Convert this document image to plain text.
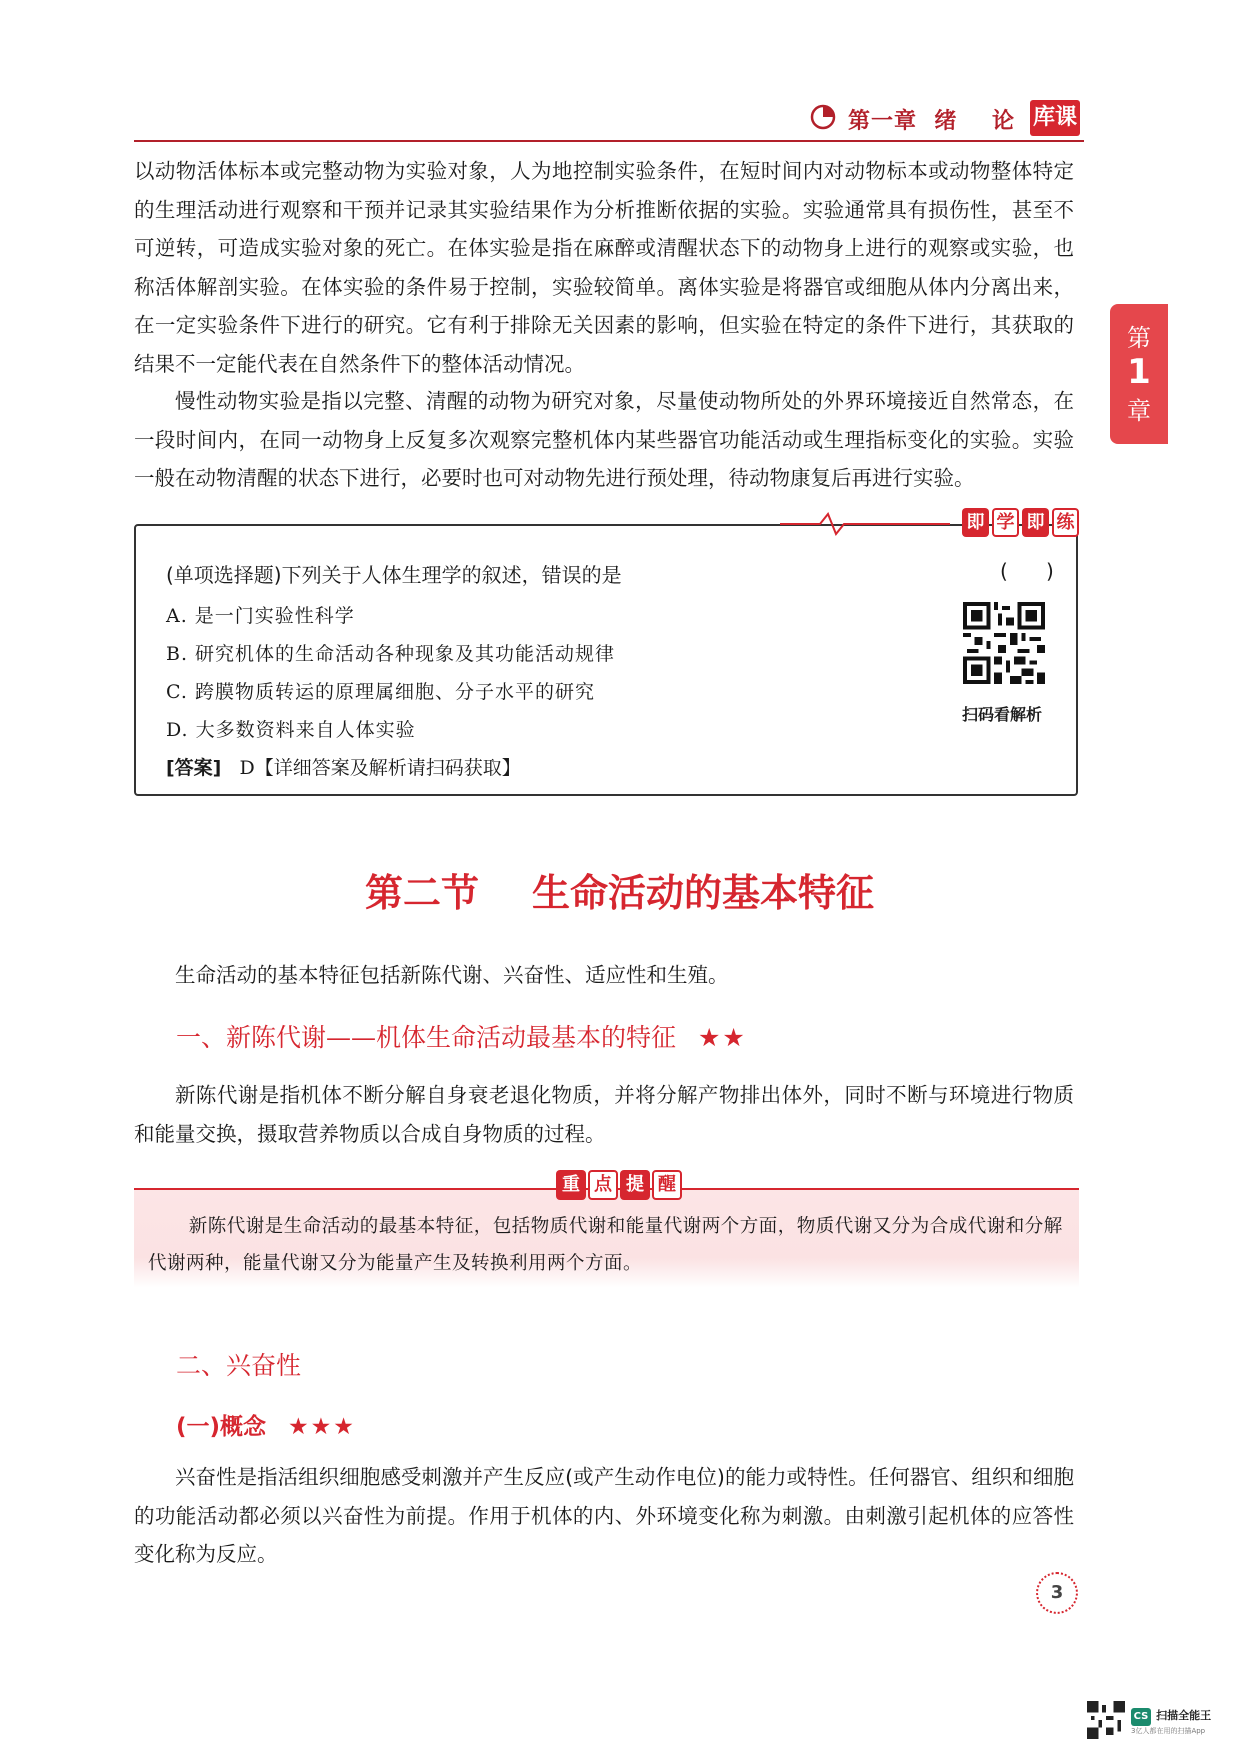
第一章  绪    论 库课
第
1
章
以动物活体标本或完整动物为实验对象，人为地控制实验条件，在短时间内对动物标本或动物整体特定的生理活动进行观察和干预并记录其实验结果作为分析推断依据的实验。实验通常具有损伤性，甚至不可逆转，可造成实验对象的死亡。在体实验是指在麻醉或清醒状态下的动物身上进行的观察或实验，也称活体解剖实验。在体实验的条件易于控制，实验较简单。离体实验是将器官或细胞从体内分离出来，在一定实验条件下进行的研究。它有利于排除无关因素的影响，但实验在特定的条件下进行，其获取的结果不一定能代表在自然条件下的整体活动情况。
慢性动物实验是指以完整、清醒的动物为研究对象，尽量使动物所处的外界环境接近自然常态，在一段时间内，在同一动物身上反复多次观察完整机体内某些器官功能活动或生理指标变化的实验。实验一般在动物清醒的状态下进行，必要时也可对动物先进行预处理，待动物康复后再进行实验。
即 学 即 练
(单项选择题)下列关于人体生理学的叙述，错误的是	(      )
A. 是一门实验性科学
B. 研究机体的生命活动各种现象及其功能活动规律
C. 跨膜物质转运的原理属细胞、分子水平的研究
D. 大多数资料来自人体实验
[答案] D【详细答案及解析请扫码获取】
扫码看解析
第二节    生命活动的基本特征
生命活动的基本特征包括新陈代谢、兴奋性、适应性和生殖。
一、新陈代谢——机体生命活动最基本的特征 ★★
新陈代谢是指机体不断分解自身衰老退化物质，并将分解产物排出体外，同时不断与环境进行物质和能量交换，摄取营养物质以合成自身物质的过程。
重 点 提 醒
新陈代谢是生命活动的最基本特征，包括物质代谢和能量代谢两个方面，物质代谢又分为合成代谢和分解代谢两种，能量代谢又分为能量产生及转换利用两个方面。
二、兴奋性
(一)概念 ★★★
兴奋性是指活组织细胞感受刺激并产生反应(或产生动作电位)的能力或特性。任何器官、组织和细胞的功能活动都必须以兴奋性为前提。作用于机体的内、外环境变化称为刺激。由刺激引起机体的应答性变化称为反应。
3
CS 扫描全能王
3亿人都在用的扫描App
